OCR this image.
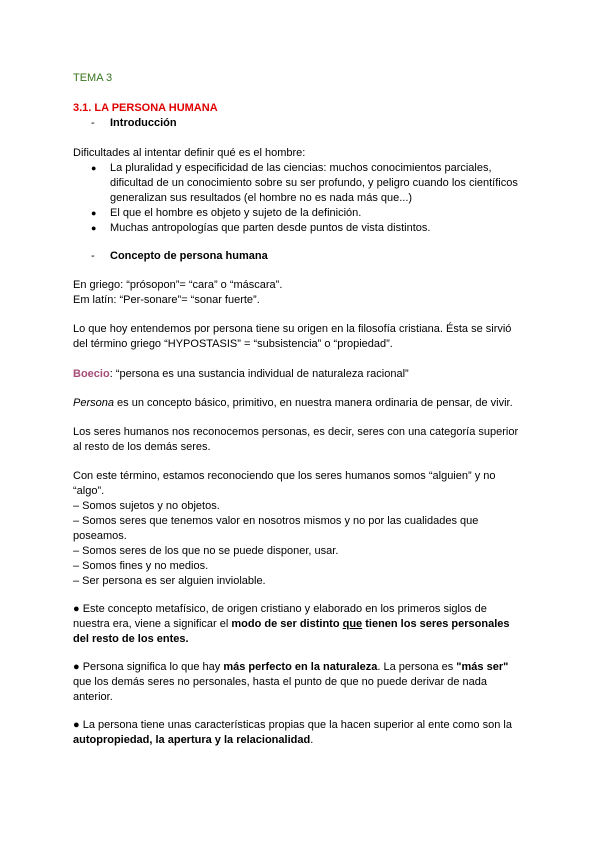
TEMA 3
3.1. LA PERSONA HUMANA
- Introducción
Dificultades al intentar definir qué es el hombre:
● La pluralidad y especificidad de las ciencias: muchos conocimientos parciales,
dificultad de un conocimiento sobre su ser profundo, y peligro cuando los científicos
generalizan sus resultados (el hombre no es nada más que...)
● El que el hombre es objeto y sujeto de la definición.
● Muchas antropologías que parten desde puntos de vista distintos.
- Concepto de persona humana
En griego: “prósopon”= “cara” o “máscara”.
Em latín: “Per-sonare”= “sonar fuerte”.
Lo que hoy entendemos por persona tiene su origen en la filosofía cristiana. Ésta se sirvió
del término griego “HYPOSTASIS” = “subsistencia” o “propiedad”.
Boecio: “persona es una sustancia individual de naturaleza racional”
Persona es un concepto básico, primitivo, en nuestra manera ordinaria de pensar, de vivir.
Los seres humanos nos reconocemos personas, es decir, seres con una categoría superior
al resto de los demás seres.
Con este término, estamos reconociendo que los seres humanos somos “alguien” y no
“algo”.
– Somos sujetos y no objetos.
– Somos seres que tenemos valor en nosotros mismos y no por las cualidades que
poseamos.
– Somos seres de los que no se puede disponer, usar.
– Somos fines y no medios.
– Ser persona es ser alguien inviolable.
● Este concepto metafísico, de origen cristiano y elaborado en los primeros siglos de
nuestra era, viene a significar el modo de ser distinto que tienen los seres personales
del resto de los entes.
● Persona significa lo que hay más perfecto en la naturaleza. La persona es "más ser"
que los demás seres no personales, hasta el punto de que no puede derivar de nada
anterior.
● La persona tiene unas características propias que la hacen superior al ente como son la
autopropiedad, la apertura y la relacionalidad.
